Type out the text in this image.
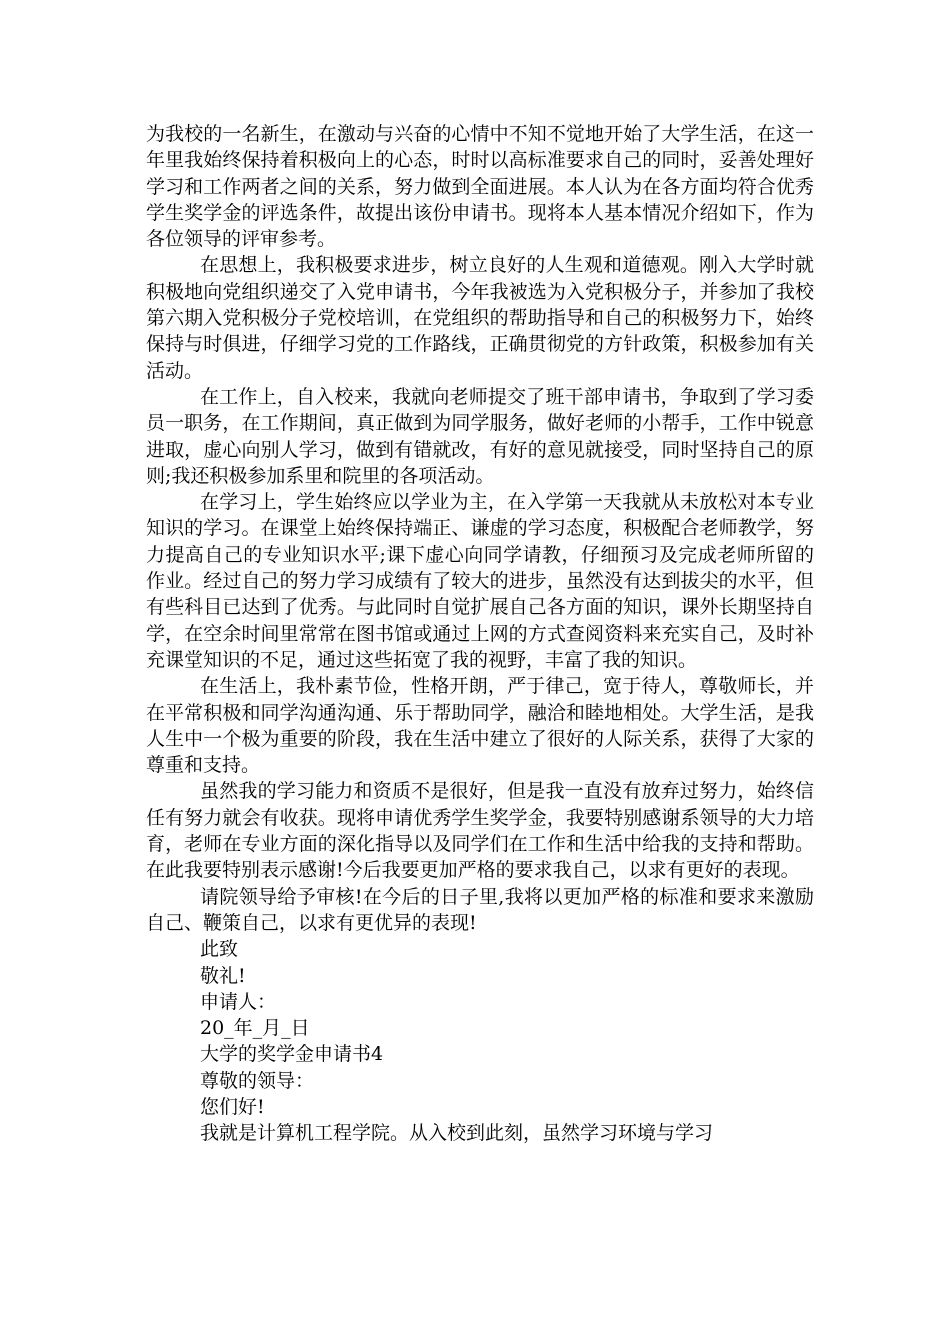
为我校的一名新生，在激动与兴奋的心情中不知不觉地开始了大学生活，在这一年里我始终保持着积极向上的心态，时时以高标准要求自己的同时，妥善处理好学习和工作两者之间的关系，努力做到全面进展。本人认为在各方面均符合优秀学生奖学金的评选条件，故提出该份申请书。现将本人基本情况介绍如下，作为各位领导的评审参考。

在思想上，我积极要求进步，树立良好的人生观和道德观。刚入大学时就积极地向党组织递交了入党申请书，今年我被选为入党积极分子，并参加了我校第六期入党积极分子党校培训，在党组织的帮助指导和自己的积极努力下，始终保持与时俱进，仔细学习党的工作路线，正确贯彻党的方针政策，积极参加有关活动。

在工作上，自入校来，我就向老师提交了班干部申请书，争取到了学习委员一职务，在工作期间，真正做到为同学服务，做好老师的小帮手，工作中锐意进取，虚心向别人学习，做到有错就改，有好的意见就接受，同时坚持自己的原则;我还积极参加系里和院里的各项活动。

在学习上，学生始终应以学业为主，在入学第一天我就从未放松对本专业知识的学习。在课堂上始终保持端正、谦虚的学习态度，积极配合老师教学，努力提高自己的专业知识水平;课下虚心向同学请教，仔细预习及完成老师所留的作业。经过自己的努力学习成绩有了较大的进步，虽然没有达到拔尖的水平，但有些科目已达到了优秀。与此同时自觉扩展自己各方面的知识，课外长期坚持自学，在空余时间里常常在图书馆或通过上网的方式查阅资料来充实自己，及时补充课堂知识的不足，通过这些拓宽了我的视野，丰富了我的知识。

在生活上，我朴素节俭，性格开朗，严于律己，宽于待人，尊敬师长，并在平常积极和同学沟通沟通、乐于帮助同学，融洽和睦地相处。大学生活，是我人生中一个极为重要的阶段，我在生活中建立了很好的人际关系，获得了大家的尊重和支持。

虽然我的学习能力和资质不是很好，但是我一直没有放弃过努力，始终信任有努力就会有收获。现将申请优秀学生奖学金，我要特别感谢系领导的大力培育，老师在专业方面的深化指导以及同学们在工作和生活中给我的支持和帮助。在此我要特别表示感谢!今后我要更加严格的要求我自己，以求有更好的表现。

请院领导给予审核!在今后的日子里,我将以更加严格的标准和要求来激励自己、鞭策自己，以求有更优异的表现!

此致

敬礼!

申请人：

20_年_月_日

大学的奖学金申请书4

尊敬的领导：

您们好!

我就是计算机工程学院。从入校到此刻，虽然学习环境与学习
